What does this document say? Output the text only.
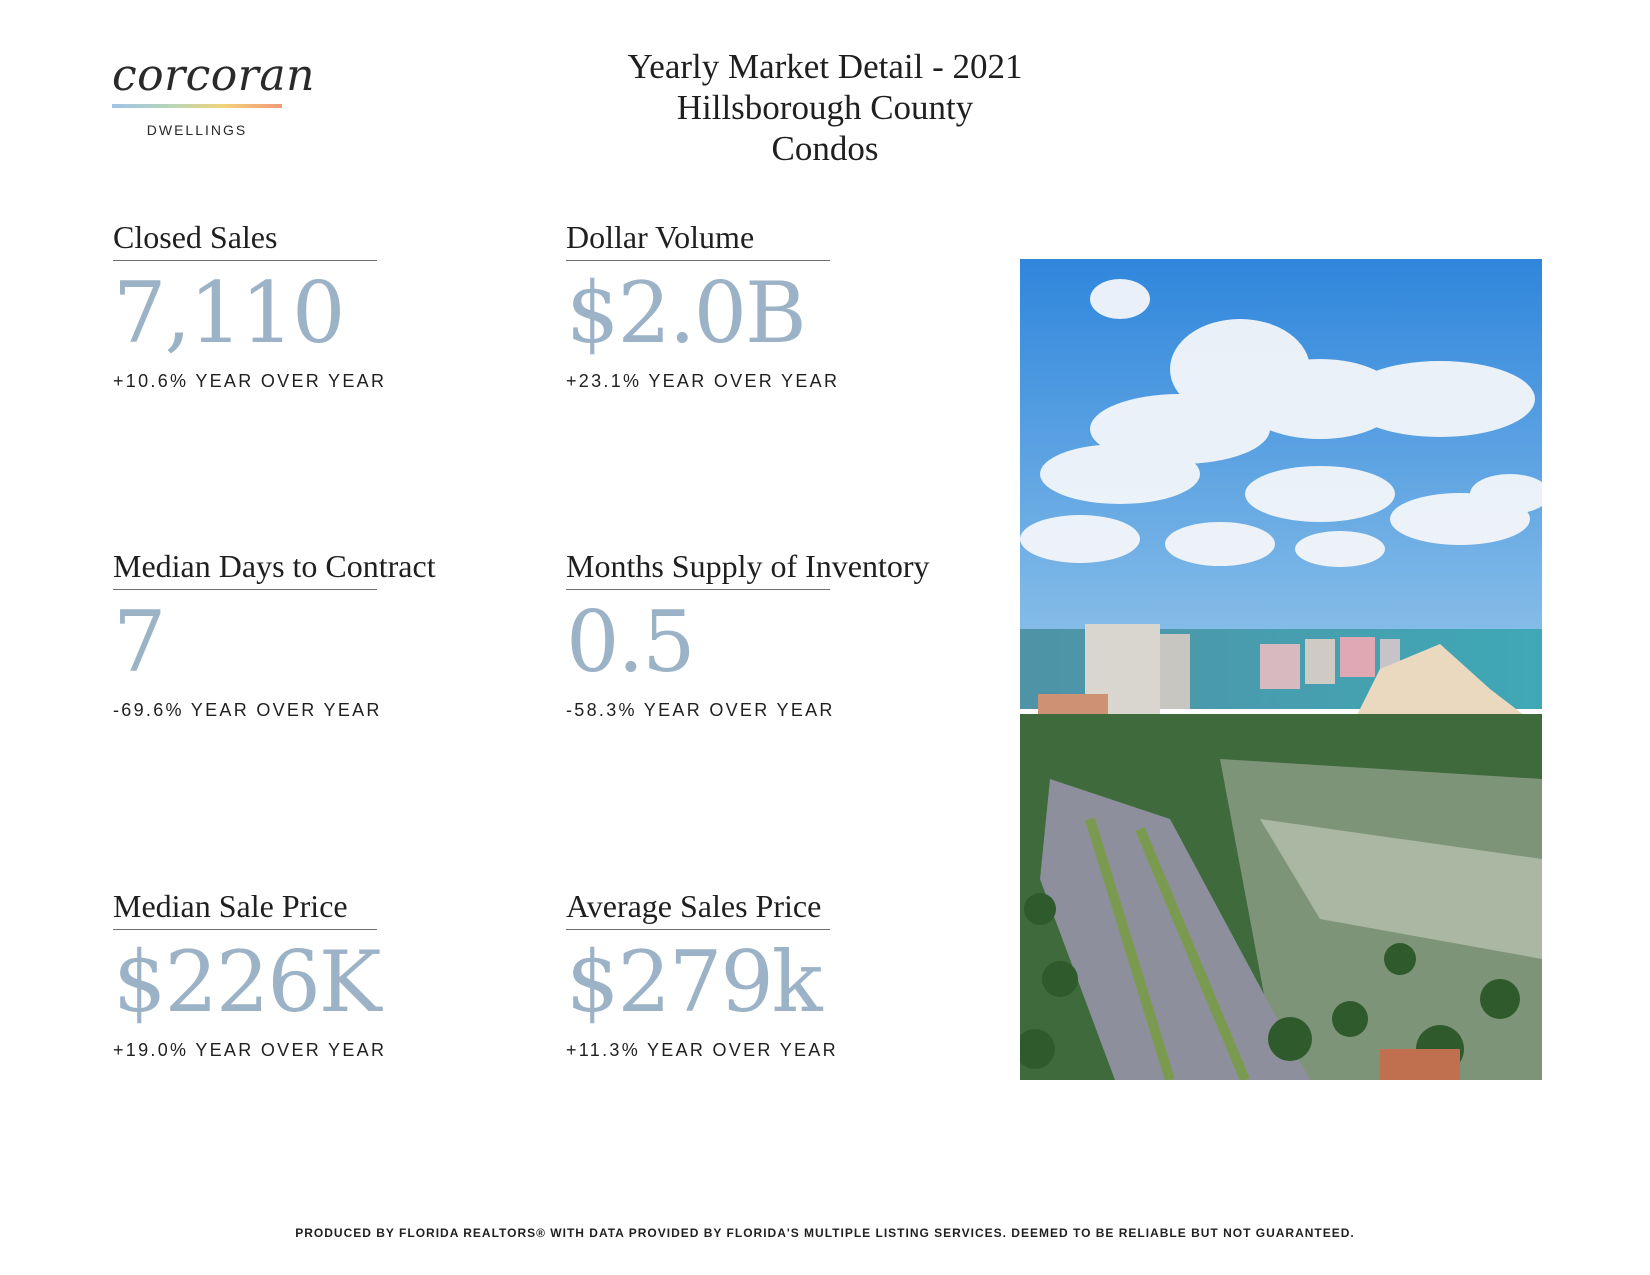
corcoran
DWELLINGS
Yearly Market Detail - 2021
Hillsborough County
Condos
Closed Sales
7,110
+10.6% YEAR OVER YEAR
Dollar Volume
$2.0B
+23.1% YEAR OVER YEAR
Median Days to Contract
7
-69.6% YEAR OVER YEAR
Months Supply of Inventory
0.5
-58.3% YEAR OVER YEAR
Median Sale Price
$226K
+19.0% YEAR OVER YEAR
Average Sales Price
$279k
+11.3% YEAR OVER YEAR
PRODUCED BY FLORIDA REALTORS® WITH DATA PROVIDED BY FLORIDA'S MULTIPLE LISTING SERVICES. DEEMED TO BE RELIABLE BUT NOT GUARANTEED.
